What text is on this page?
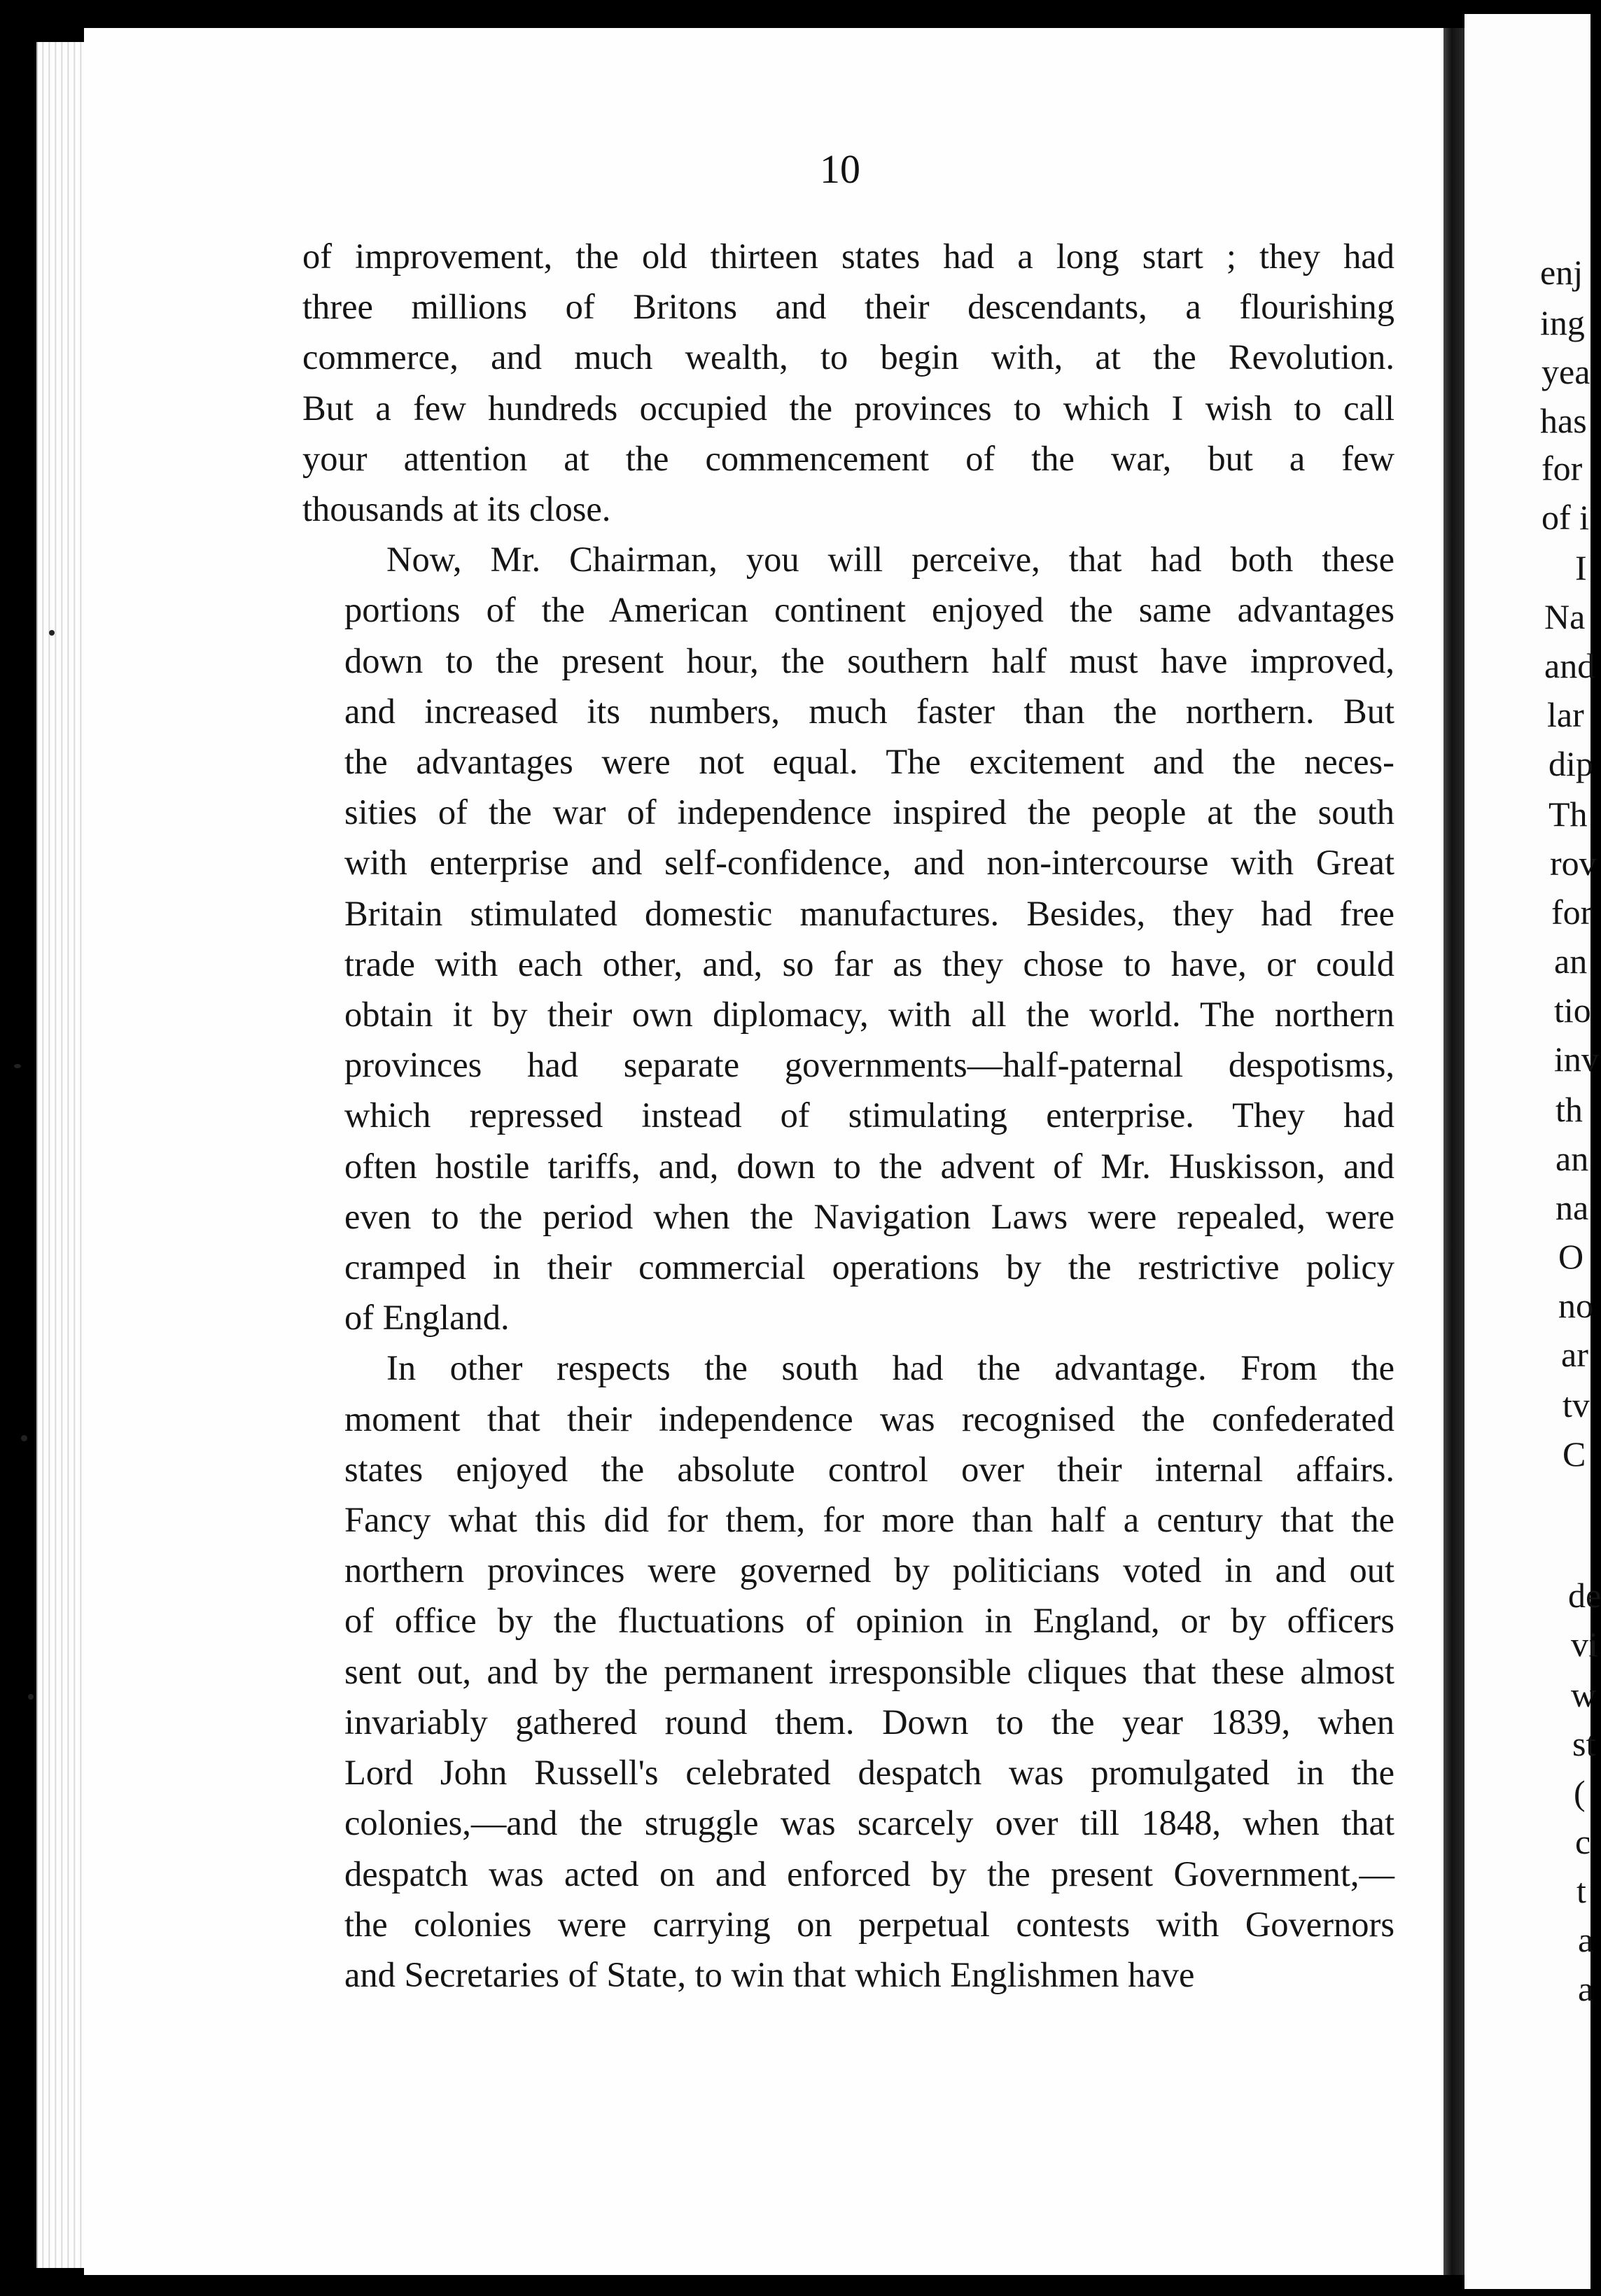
10

of improvement, the old thirteen states had a long start ; they had
three millions of Britons and their descendants, a flourishing
commerce, and much wealth, to begin with, at the Revolution.
But a few hundreds occupied the provinces to which I wish to call
your attention at the commencement of the war, but a few
thousands at its close.

Now, Mr. Chairman, you will perceive, that had both these
portions of the American continent enjoyed the same advantages
down to the present hour, the southern half must have improved,
and increased its numbers, much faster than the northern. But
the advantages were not equal. The excitement and the neces-
sities of the war of independence inspired the people at the south
with enterprise and self-confidence, and non-intercourse with Great
Britain stimulated domestic manufactures. Besides, they had free
trade with each other, and, so far as they chose to have, or could
obtain it by their own diplomacy, with all the world. The northern
provinces had separate governments—half-paternal despotisms,
which repressed instead of stimulating enterprise. They had
often hostile tariffs, and, down to the advent of Mr. Huskisson, and
even to the period when the Navigation Laws were repealed, were
cramped in their commercial operations by the restrictive policy
of England.

In other respects the south had the advantage. From the
moment that their independence was recognised the confederated
states enjoyed the absolute control over their internal affairs.
Fancy what this did for them, for more than half a century that the
northern provinces were governed by politicians voted in and out
of office by the fluctuations of opinion in England, or by officers
sent out, and by the permanent irresponsible cliques that these almost
invariably gathered round them. Down to the year 1839, when
Lord John Russell's celebrated despatch was promulgated in the
colonies,—and the struggle was scarcely over till 1848, when that
despatch was acted on and enforced by the present Government,—
the colonies were carrying on perpetual contests with Governors
and Secretaries of State, to win that which Englishmen have

enj
ing
yea
has
for
of i
I
Na
and
lar
dip
Th
rov
for
an
tio
inv
th
an
na
O
no
ar
tv
C
de
vi
w
st
(
c
t
a
a
